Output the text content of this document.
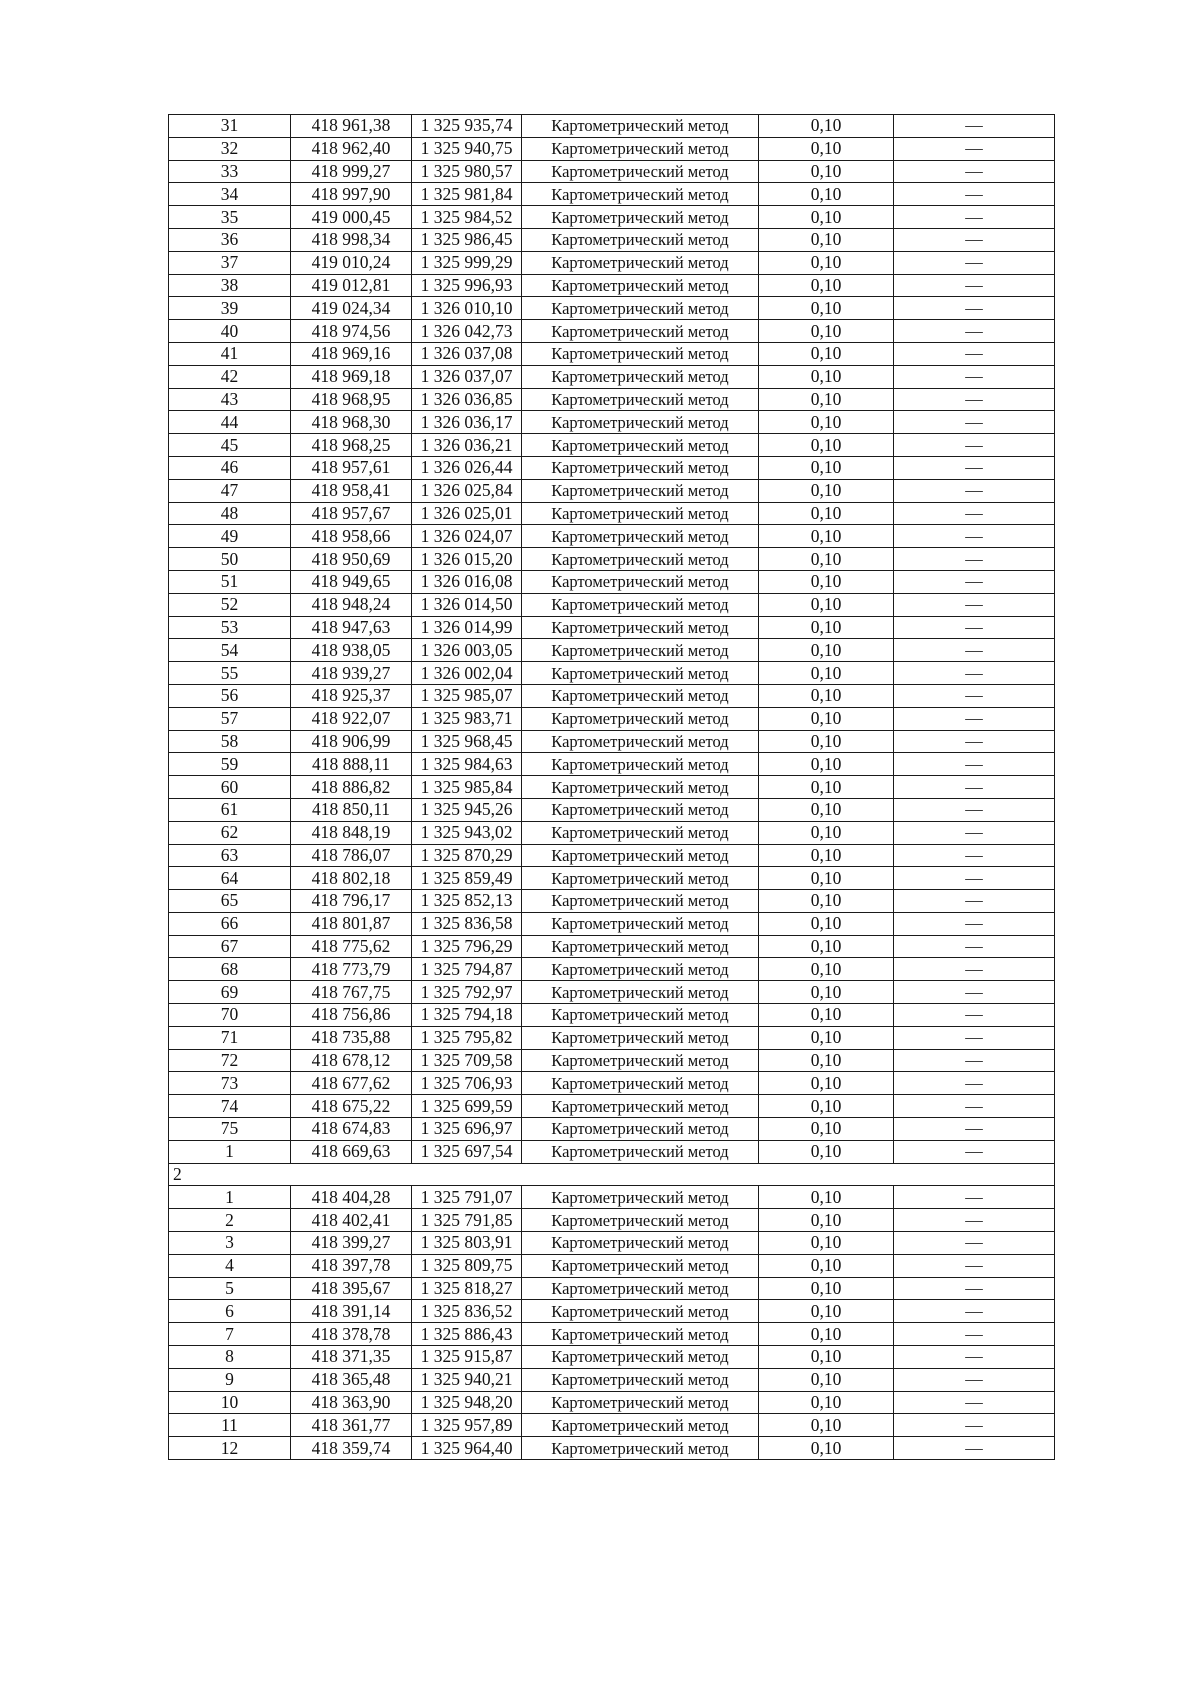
31	418 961,38	1 325 935,74	Картометрический метод	0,10	—
32	418 962,40	1 325 940,75	Картометрический метод	0,10	—
33	418 999,27	1 325 980,57	Картометрический метод	0,10	—
34	418 997,90	1 325 981,84	Картометрический метод	0,10	—
35	419 000,45	1 325 984,52	Картометрический метод	0,10	—
36	418 998,34	1 325 986,45	Картометрический метод	0,10	—
37	419 010,24	1 325 999,29	Картометрический метод	0,10	—
38	419 012,81	1 325 996,93	Картометрический метод	0,10	—
39	419 024,34	1 326 010,10	Картометрический метод	0,10	—
40	418 974,56	1 326 042,73	Картометрический метод	0,10	—
41	418 969,16	1 326 037,08	Картометрический метод	0,10	—
42	418 969,18	1 326 037,07	Картометрический метод	0,10	—
43	418 968,95	1 326 036,85	Картометрический метод	0,10	—
44	418 968,30	1 326 036,17	Картометрический метод	0,10	—
45	418 968,25	1 326 036,21	Картометрический метод	0,10	—
46	418 957,61	1 326 026,44	Картометрический метод	0,10	—
47	418 958,41	1 326 025,84	Картометрический метод	0,10	—
48	418 957,67	1 326 025,01	Картометрический метод	0,10	—
49	418 958,66	1 326 024,07	Картометрический метод	0,10	—
50	418 950,69	1 326 015,20	Картометрический метод	0,10	—
51	418 949,65	1 326 016,08	Картометрический метод	0,10	—
52	418 948,24	1 326 014,50	Картометрический метод	0,10	—
53	418 947,63	1 326 014,99	Картометрический метод	0,10	—
54	418 938,05	1 326 003,05	Картометрический метод	0,10	—
55	418 939,27	1 326 002,04	Картометрический метод	0,10	—
56	418 925,37	1 325 985,07	Картометрический метод	0,10	—
57	418 922,07	1 325 983,71	Картометрический метод	0,10	—
58	418 906,99	1 325 968,45	Картометрический метод	0,10	—
59	418 888,11	1 325 984,63	Картометрический метод	0,10	—
60	418 886,82	1 325 985,84	Картометрический метод	0,10	—
61	418 850,11	1 325 945,26	Картометрический метод	0,10	—
62	418 848,19	1 325 943,02	Картометрический метод	0,10	—
63	418 786,07	1 325 870,29	Картометрический метод	0,10	—
64	418 802,18	1 325 859,49	Картометрический метод	0,10	—
65	418 796,17	1 325 852,13	Картометрический метод	0,10	—
66	418 801,87	1 325 836,58	Картометрический метод	0,10	—
67	418 775,62	1 325 796,29	Картометрический метод	0,10	—
68	418 773,79	1 325 794,87	Картометрический метод	0,10	—
69	418 767,75	1 325 792,97	Картометрический метод	0,10	—
70	418 756,86	1 325 794,18	Картометрический метод	0,10	—
71	418 735,88	1 325 795,82	Картометрический метод	0,10	—
72	418 678,12	1 325 709,58	Картометрический метод	0,10	—
73	418 677,62	1 325 706,93	Картометрический метод	0,10	—
74	418 675,22	1 325 699,59	Картометрический метод	0,10	—
75	418 674,83	1 325 696,97	Картометрический метод	0,10	—
1	418 669,63	1 325 697,54	Картометрический метод	0,10	—
2					
1	418 404,28	1 325 791,07	Картометрический метод	0,10	—
2	418 402,41	1 325 791,85	Картометрический метод	0,10	—
3	418 399,27	1 325 803,91	Картометрический метод	0,10	—
4	418 397,78	1 325 809,75	Картометрический метод	0,10	—
5	418 395,67	1 325 818,27	Картометрический метод	0,10	—
6	418 391,14	1 325 836,52	Картометрический метод	0,10	—
7	418 378,78	1 325 886,43	Картометрический метод	0,10	—
8	418 371,35	1 325 915,87	Картометрический метод	0,10	—
9	418 365,48	1 325 940,21	Картометрический метод	0,10	—
10	418 363,90	1 325 948,20	Картометрический метод	0,10	—
11	418 361,77	1 325 957,89	Картометрический метод	0,10	—
12	418 359,74	1 325 964,40	Картометрический метод	0,10	—
